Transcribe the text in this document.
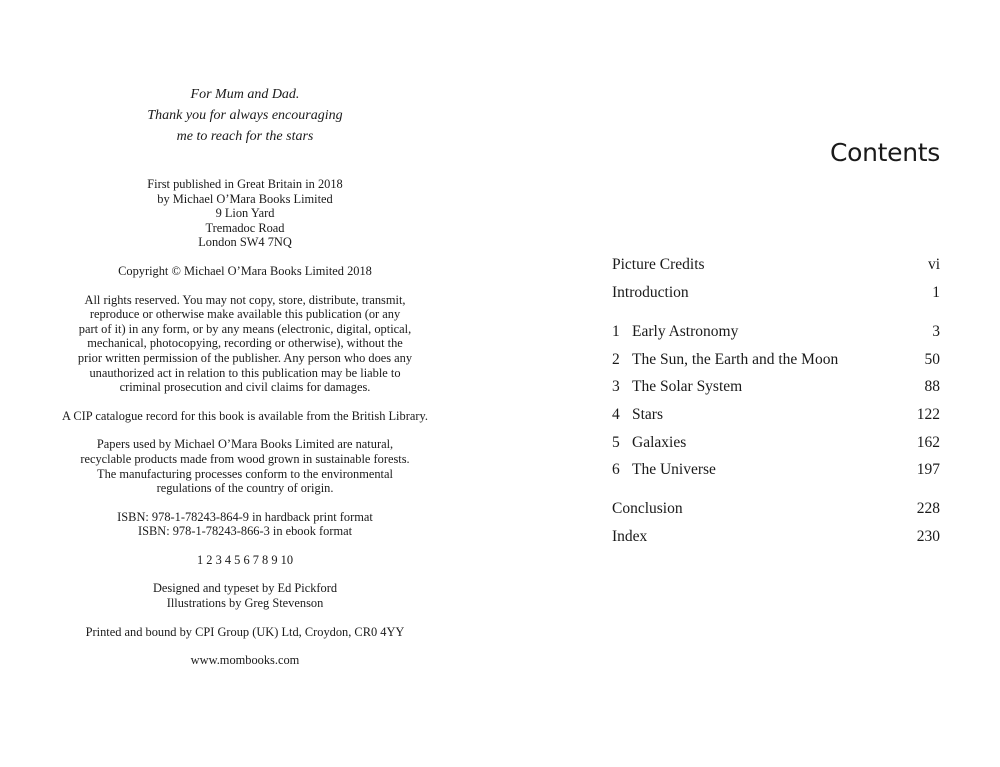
For Mum and Dad.
Thank you for always encouraging
me to reach for the stars
First published in Great Britain in 2018
by Michael O’Mara Books Limited
9 Lion Yard
Tremadoc Road
London SW4 7NQ
Copyright © Michael O’Mara Books Limited 2018
All rights reserved. You may not copy, store, distribute, transmit,
reproduce or otherwise make available this publication (or any
part of it) in any form, or by any means (electronic, digital, optical,
mechanical, photocopying, recording or otherwise), without the
prior written permission of the publisher. Any person who does any
unauthorized act in relation to this publication may be liable to
criminal prosecution and civil claims for damages.
A CIP catalogue record for this book is available from the British Library.
Papers used by Michael O’Mara Books Limited are natural,
recyclable products made from wood grown in sustainable forests.
The manufacturing processes conform to the environmental
regulations of the country of origin.
ISBN: 978-1-78243-864-9 in hardback print format
ISBN: 978-1-78243-866-3 in ebook format
1 2 3 4 5 6 7 8 9 10
Designed and typeset by Ed Pickford
Illustrations by Greg Stevenson
Printed and bound by CPI Group (UK) Ltd, Croydon, CR0 4YY
www.mombooks.com
Contents
Picture Credits	vi
Introduction	1
1 Early Astronomy	3
2 The Sun, the Earth and the Moon	50
3 The Solar System	88
4 Stars	122
5 Galaxies	162
6 The Universe	197
Conclusion	228
Index	230
